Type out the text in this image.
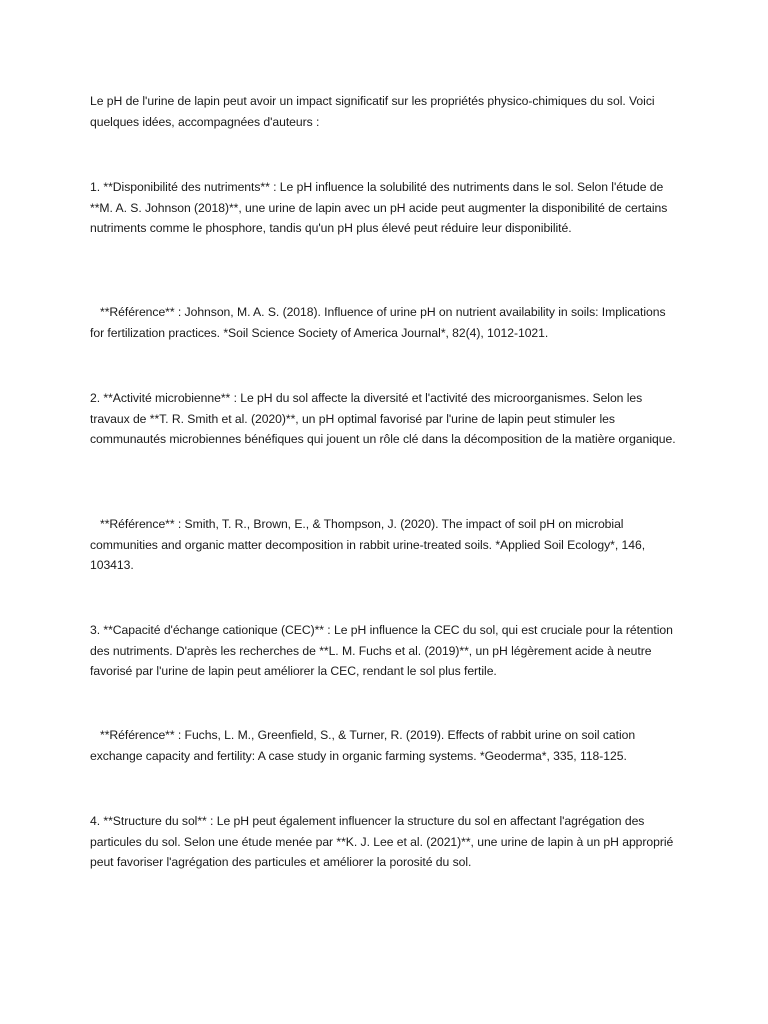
Le pH de l'urine de lapin peut avoir un impact significatif sur les propriétés physico-chimiques du sol. Voici quelques idées, accompagnées d'auteurs :

1. **Disponibilité des nutriments** : Le pH influence la solubilité des nutriments dans le sol. Selon l'étude de **M. A. S. Johnson (2018)**, une urine de lapin avec un pH acide peut augmenter la disponibilité de certains nutriments comme le phosphore, tandis qu'un pH plus élevé peut réduire leur disponibilité.

**Référence** : Johnson, M. A. S. (2018). Influence of urine pH on nutrient availability in soils: Implications for fertilization practices. *Soil Science Society of America Journal*, 82(4), 1012-1021.

2. **Activité microbienne** : Le pH du sol affecte la diversité et l'activité des microorganismes. Selon les travaux de **T. R. Smith et al. (2020)**, un pH optimal favorisé par l'urine de lapin peut stimuler les communautés microbiennes bénéfiques qui jouent un rôle clé dans la décomposition de la matière organique.

**Référence** : Smith, T. R., Brown, E., & Thompson, J. (2020). The impact of soil pH on microbial communities and organic matter decomposition in rabbit urine-treated soils. *Applied Soil Ecology*, 146, 103413.

3. **Capacité d'échange cationique (CEC)** : Le pH influence la CEC du sol, qui est cruciale pour la rétention des nutriments. D'après les recherches de **L. M. Fuchs et al. (2019)**, un pH légèrement acide à neutre favorisé par l'urine de lapin peut améliorer la CEC, rendant le sol plus fertile.

**Référence** : Fuchs, L. M., Greenfield, S., & Turner, R. (2019). Effects of rabbit urine on soil cation exchange capacity and fertility: A case study in organic farming systems. *Geoderma*, 335, 118-125.

4. **Structure du sol** : Le pH peut également influencer la structure du sol en affectant l'agrégation des particules du sol. Selon une étude menée par **K. J. Lee et al. (2021)**, une urine de lapin à un pH approprié peut favoriser l'agrégation des particules et améliorer la porosité du sol.
